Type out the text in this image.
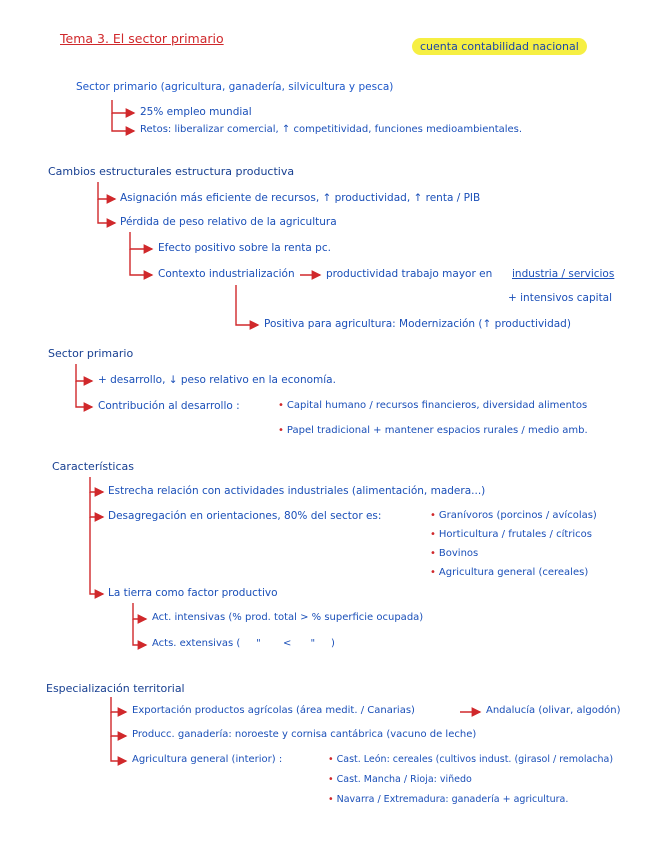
Tema 3. El sector primario
cuenta contabilidad nacional
Sector primario (agricultura, ganadería, silvicultura y pesca)
25% empleo mundial
Retos: liberalizar comercial, ↑ competitividad, funciones medioambientales.
Cambios estructurales estructura productiva
Asignación más eficiente de recursos, ↑ productividad, ↑ renta / PIB
Pérdida de peso relativo de la agricultura
Efecto positivo sobre la renta pc.
Contexto industrialización	productividad trabajo mayor en industria / servicios
+ intensivos capital
Positiva para agricultura: Modernización (↑ productividad)
Sector primario
+ desarrollo, ↓ peso relativo en la economía.
Contribución al desarrollo :	• Capital humano / recursos financieros, diversidad alimentos
• Papel tradicional + mantener espacios rurales / medio amb.
Características
Estrecha relación con actividades industriales (alimentación, madera...)
Desagregación en orientaciones, 80% del sector es:	• Granívoros (porcinos / avícolas)
• Horticultura / frutales / cítricos
• Bovinos
• Agricultura general (cereales)
La tierra como factor productivo
Act. intensivas (% prod. total > % superficie ocupada)
Acts. extensivas (     "       <      "     )
Especialización territorial
Exportación productos agrícolas (área medit. / Canarias)	Andalucía (olivar, algodón)
Producc. ganadería: noroeste y cornisa cantábrica (vacuno de leche)
Agricultura general (interior) :	• Cast. León: cereales (cultivos indust. (girasol / remolacha)
• Cast. Mancha / Rioja: viñedo
• Navarra / Extremadura: ganadería + agricultura.
